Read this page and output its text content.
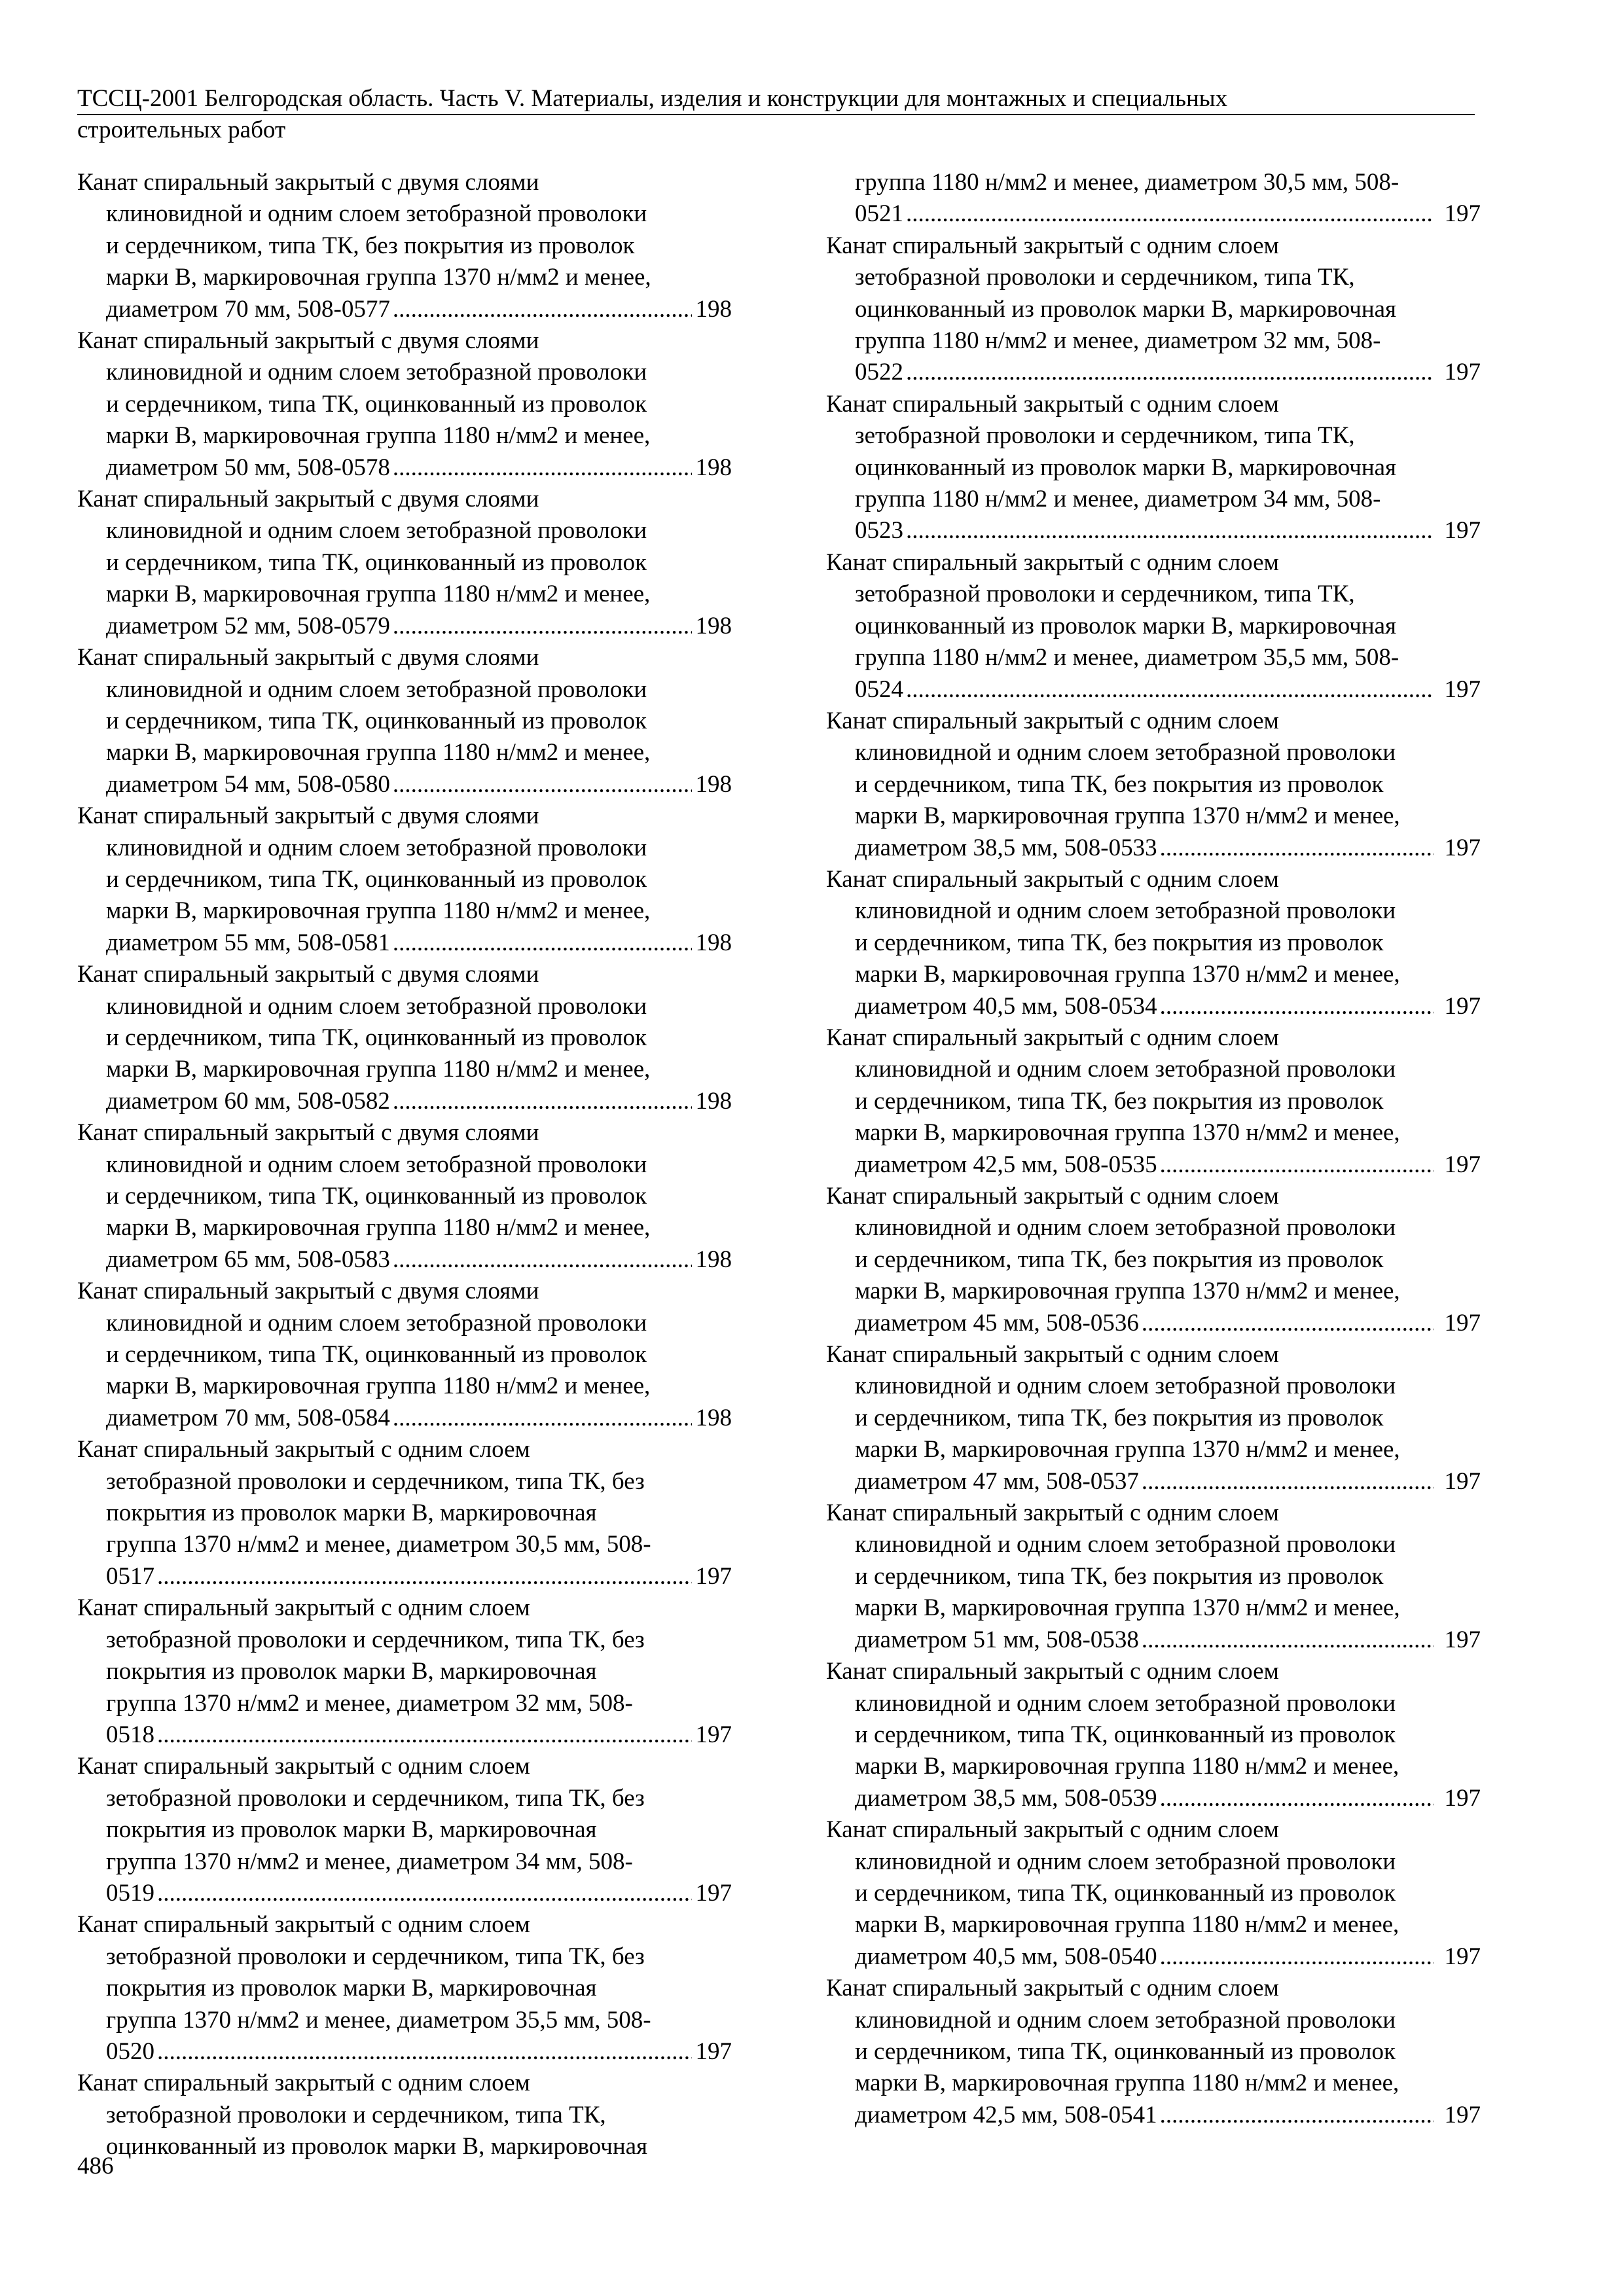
ТССЦ-2001 Белгородская область. Часть V. Материалы, изделия и конструкции для монтажных и специальных
строительных работ
Канат спиральный закрытый с двумя слоями
клиновидной и одним слоем зетобразной проволоки
и сердечником, типа ТК, без покрытия из проволок
марки В, маркировочная группа 1370 н/мм2 и менее,
диаметром 70 мм, 508-0577 .....	198
Канат спиральный закрытый с двумя слоями
клиновидной и одним слоем зетобразной проволоки
и сердечником, типа ТК, оцинкованный из проволок
марки В, маркировочная группа 1180 н/мм2 и менее,
диаметром 50 мм, 508-0578 .....	198
Канат спиральный закрытый с двумя слоями
клиновидной и одним слоем зетобразной проволоки
и сердечником, типа ТК, оцинкованный из проволок
марки В, маркировочная группа 1180 н/мм2 и менее,
диаметром 52 мм, 508-0579 .....	198
Канат спиральный закрытый с двумя слоями
клиновидной и одним слоем зетобразной проволоки
и сердечником, типа ТК, оцинкованный из проволок
марки В, маркировочная группа 1180 н/мм2 и менее,
диаметром 54 мм, 508-0580 .....	198
Канат спиральный закрытый с двумя слоями
клиновидной и одним слоем зетобразной проволоки
и сердечником, типа ТК, оцинкованный из проволок
марки В, маркировочная группа 1180 н/мм2 и менее,
диаметром 55 мм, 508-0581 .....	198
Канат спиральный закрытый с двумя слоями
клиновидной и одним слоем зетобразной проволоки
и сердечником, типа ТК, оцинкованный из проволок
марки В, маркировочная группа 1180 н/мм2 и менее,
диаметром 60 мм, 508-0582 .....	198
Канат спиральный закрытый с двумя слоями
клиновидной и одним слоем зетобразной проволоки
и сердечником, типа ТК, оцинкованный из проволок
марки В, маркировочная группа 1180 н/мм2 и менее,
диаметром 65 мм, 508-0583 .....	198
Канат спиральный закрытый с двумя слоями
клиновидной и одним слоем зетобразной проволоки
и сердечником, типа ТК, оцинкованный из проволок
марки В, маркировочная группа 1180 н/мм2 и менее,
диаметром 70 мм, 508-0584 .....	198
Канат спиральный закрытый с одним слоем
зетобразной проволоки и сердечником, типа ТК, без
покрытия из проволок марки В, маркировочная
группа 1370 н/мм2 и менее, диаметром 30,5 мм, 508-
0517 .....	197
Канат спиральный закрытый с одним слоем
зетобразной проволоки и сердечником, типа ТК, без
покрытия из проволок марки В, маркировочная
группа 1370 н/мм2 и менее, диаметром 32 мм, 508-
0518 .....	197
Канат спиральный закрытый с одним слоем
зетобразной проволоки и сердечником, типа ТК, без
покрытия из проволок марки В, маркировочная
группа 1370 н/мм2 и менее, диаметром 34 мм, 508-
0519 .....	197
Канат спиральный закрытый с одним слоем
зетобразной проволоки и сердечником, типа ТК, без
покрытия из проволок марки В, маркировочная
группа 1370 н/мм2 и менее, диаметром 35,5 мм, 508-
0520 .....	197
Канат спиральный закрытый с одним слоем
зетобразной проволоки и сердечником, типа ТК,
оцинкованный из проволок марки В, маркировочная
группа 1180 н/мм2 и менее, диаметром 30,5 мм, 508-
0521 .....	197
Канат спиральный закрытый с одним слоем
зетобразной проволоки и сердечником, типа ТК,
оцинкованный из проволок марки В, маркировочная
группа 1180 н/мм2 и менее, диаметром 32 мм, 508-
0522 .....	197
Канат спиральный закрытый с одним слоем
зетобразной проволоки и сердечником, типа ТК,
оцинкованный из проволок марки В, маркировочная
группа 1180 н/мм2 и менее, диаметром 34 мм, 508-
0523 .....	197
Канат спиральный закрытый с одним слоем
зетобразной проволоки и сердечником, типа ТК,
оцинкованный из проволок марки В, маркировочная
группа 1180 н/мм2 и менее, диаметром 35,5 мм, 508-
0524 .....	197
Канат спиральный закрытый с одним слоем
клиновидной и одним слоем зетобразной проволоки
и сердечником, типа ТК, без покрытия из проволок
марки В, маркировочная группа 1370 н/мм2 и менее,
диаметром 38,5 мм, 508-0533 .....	197
Канат спиральный закрытый с одним слоем
клиновидной и одним слоем зетобразной проволоки
и сердечником, типа ТК, без покрытия из проволок
марки В, маркировочная группа 1370 н/мм2 и менее,
диаметром 40,5 мм, 508-0534 .....	197
Канат спиральный закрытый с одним слоем
клиновидной и одним слоем зетобразной проволоки
и сердечником, типа ТК, без покрытия из проволок
марки В, маркировочная группа 1370 н/мм2 и менее,
диаметром 42,5 мм, 508-0535 .....	197
Канат спиральный закрытый с одним слоем
клиновидной и одним слоем зетобразной проволоки
и сердечником, типа ТК, без покрытия из проволок
марки В, маркировочная группа 1370 н/мм2 и менее,
диаметром 45 мм, 508-0536 .....	197
Канат спиральный закрытый с одним слоем
клиновидной и одним слоем зетобразной проволоки
и сердечником, типа ТК, без покрытия из проволок
марки В, маркировочная группа 1370 н/мм2 и менее,
диаметром 47 мм, 508-0537 .....	197
Канат спиральный закрытый с одним слоем
клиновидной и одним слоем зетобразной проволоки
и сердечником, типа ТК, без покрытия из проволок
марки В, маркировочная группа 1370 н/мм2 и менее,
диаметром 51 мм, 508-0538 .....	197
Канат спиральный закрытый с одним слоем
клиновидной и одним слоем зетобразной проволоки
и сердечником, типа ТК, оцинкованный из проволок
марки В, маркировочная группа 1180 н/мм2 и менее,
диаметром 38,5 мм, 508-0539 .....	197
Канат спиральный закрытый с одним слоем
клиновидной и одним слоем зетобразной проволоки
и сердечником, типа ТК, оцинкованный из проволок
марки В, маркировочная группа 1180 н/мм2 и менее,
диаметром 40,5 мм, 508-0540 .....	197
Канат спиральный закрытый с одним слоем
клиновидной и одним слоем зетобразной проволоки
и сердечником, типа ТК, оцинкованный из проволок
марки В, маркировочная группа 1180 н/мм2 и менее,
диаметром 42,5 мм, 508-0541 .....	197
486
